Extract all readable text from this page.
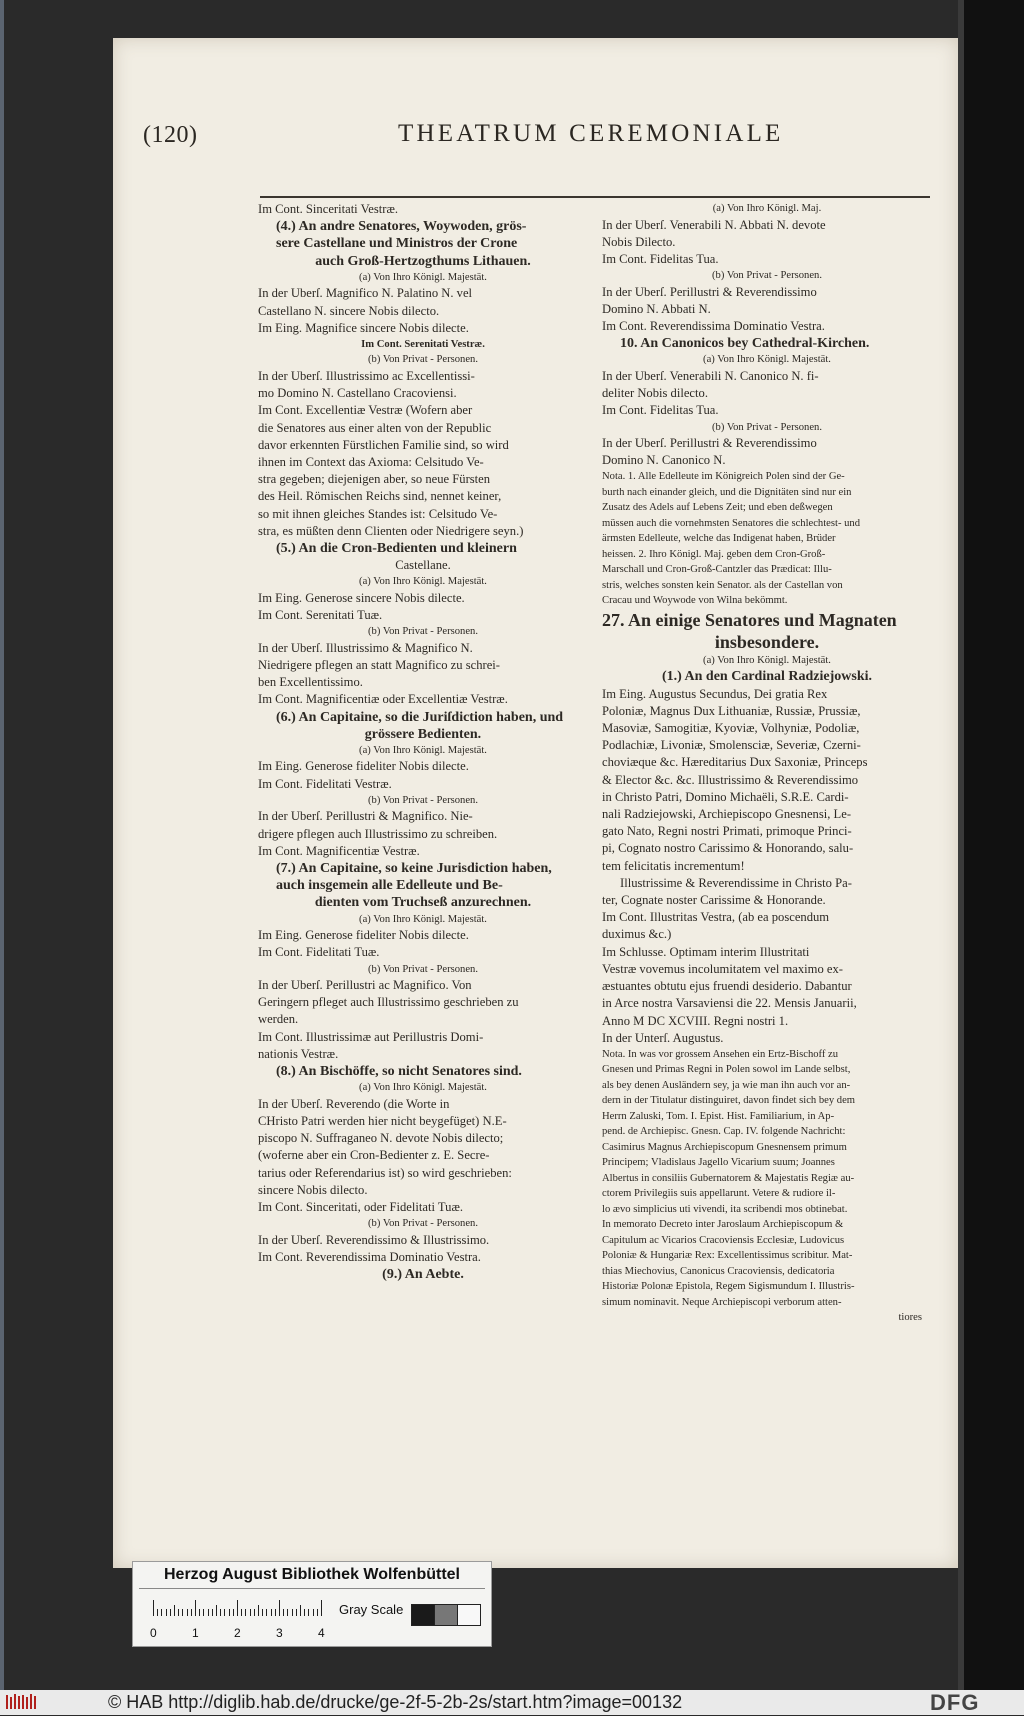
(120)	THEATRUM CEREMONIALE

Im Cont. Sinceritati Vestræ.

(4.) An andre Senatores, Woywoden, grös-

sere Castellane und Ministros der Crone

auch Groß-Hertzogthums Lithauen.

(a) Von Ihro Königl. Majestät.

In der Uberſ. Magnifico N. Palatino N. vel

Castellano N. sincere Nobis dilecto.

Im Eing. Magnifice sincere Nobis dilecte.

Im Cont. Serenitati Vestræ.

(b) Von Privat - Personen.

In der Uberſ. Illustrissimo ac Excellentissi-

mo Domino N. Castellano Cracoviensi.

Im Cont. Excellentiæ Vestræ (Wofern aber

die Senatores aus einer alten von der Republic

davor erkennten Fürstlichen Familie sind, so wird

ihnen im Context das Axioma: Celsitudo Ve-

stra gegeben; diejenigen aber, so neue Fürsten

des Heil. Römischen Reichs sind, nennet keiner,

so mit ihnen gleiches Standes ist: Celsitudo Ve-

stra, es müßten denn Clienten oder Niedrigere seyn.)

(5.) An die Cron-Bedienten und kleinern

Castellane.

(a) Von Ihro Königl. Majestät.

Im Eing. Generose sincere Nobis dilecte.

Im Cont. Serenitati Tuæ.

(b) Von Privat - Personen.

In der Uberſ. Illustrissimo & Magnifico N.

Niedrigere pflegen an statt Magnifico zu schrei-

ben Excellentissimo.

Im Cont. Magnificentiæ oder Excellentiæ Vestræ.

(6.) An Capitaine, so die Juriſdiction haben, und

grössere Bedienten.

(a) Von Ihro Königl. Majestät.

Im Eing. Generose fideliter Nobis dilecte.

Im Cont. Fidelitati Vestræ.

(b) Von Privat - Personen.

In der Uberſ. Perillustri & Magnifico. Nie-

drigere pflegen auch Illustrissimo zu schreiben.

Im Cont. Magnificentiæ Vestræ.

(7.) An Capitaine, so keine Jurisdiction haben,

auch insgemein alle Edelleute und Be-

dienten vom Truchseß anzurechnen.

(a) Von Ihro Königl. Majestät.

Im Eing. Generose fideliter Nobis dilecte.

Im Cont. Fidelitati Tuæ.

(b) Von Privat - Personen.

In der Uberſ. Perillustri ac Magnifico. Von

Geringern pfleget auch Illustrissimo geschrieben zu

werden.

Im Cont. Illustrissimæ aut Perillustris Domi-

nationis Vestræ.

(8.) An Bischöffe, so nicht Senatores sind.

(a) Von Ihro Königl. Majestät.

In der Uberſ. Reverendo (die Worte in

CHristo Patri werden hier nicht beygefüget) N.E-

piscopo N. Suffraganeo N. devote Nobis dilecto;

(woferne aber ein Cron-Bedienter z. E. Secre-

tarius oder Referendarius ist) so wird geschrieben:

sincere Nobis dilecto.

Im Cont. Sinceritati, oder Fidelitati Tuæ.

(b) Von Privat - Personen.

In der Uberſ. Reverendissimo & Illustrissimo.

Im Cont. Reverendissima Dominatio Vestra.

(9.) An Aebte.

(a) Von Ihro Königl. Maj.

In der Uberſ. Venerabili N. Abbati N. devote

Nobis Dilecto.

Im Cont. Fidelitas Tua.

(b) Von Privat - Personen.

In der Uberſ. Perillustri & Reverendissimo

Domino N. Abbati N.

Im Cont. Reverendissima Dominatio Vestra.

10. An Canonicos bey Cathedral-Kirchen.

(a) Von Ihro Königl. Majestät.

In der Uberſ. Venerabili N. Canonico N. fi-

deliter Nobis dilecto.

Im Cont. Fidelitas Tua.

(b) Von Privat - Personen.

In der Uberſ. Perillustri & Reverendissimo

Domino N. Canonico N.

Nota. 1. Alle Edelleute im Königreich Polen sind der Ge-

burth nach einander gleich, und die Dignitäten sind nur ein

Zusatz des Adels auf Lebens Zeit; und eben deßwegen

müssen auch die vornehmsten Senatores die schlechtest- und

ärmsten Edelleute, welche das Indigenat haben, Brüder

heissen. 2. Ihro Königl. Maj. geben dem Cron-Groß-

Marschall und Cron-Groß-Cantzler das Prædicat: Illu-

stris, welches sonsten kein Senator. als der Castellan von

Cracau und Woywode von Wilna bekömmt.

27. An einige Senatores und Magnaten

insbesondere.

(a) Von Ihro Königl. Majestät.

(1.) An den Cardinal Radziejowski.

Im Eing. Augustus Secundus, Dei gratia Rex

Poloniæ, Magnus Dux Lithuaniæ, Russiæ, Prussiæ,

Masoviæ, Samogitiæ, Kyoviæ, Volhyniæ, Podoliæ,

Podlachiæ, Livoniæ, Smolensciæ, Severiæ, Czerni-

choviæque &c. Hæreditarius Dux Saxoniæ, Princeps

& Elector &c. &c. Illustrissimo & Reverendissimo

in Christo Patri, Domino Michaëli, S.R.E. Cardi-

nali Radziejowski, Archiepiscopo Gnesnensi, Le-

gato Nato, Regni nostri Primati, primoque Princi-

pi, Cognato nostro Carissimo & Honorando, salu-

tem felicitatis incrementum!

Illustrissime & Reverendissime in Christo Pa-

ter, Cognate noster Carissime & Honorande.

Im Cont. Illustritas Vestra, (ab ea poscendum

duximus &c.)

Im Schlusse. Optimam interim Illustritati

Vestræ vovemus incolumitatem vel maximo ex-

æstuantes obtutu ejus fruendi desiderio. Dabantur

in Arce nostra Varsaviensi die 22. Mensis Januarii,

Anno M DC XCVIII. Regni nostri 1.

In der Unterſ. Augustus.

Nota. In was vor grossem Ansehen ein Ertz-Bischoff zu

Gnesen und Primas Regni in Polen sowol im Lande selbst,

als bey denen Ausländern sey, ja wie man ihn auch vor an-

dern in der Titulatur distinguiret, davon findet sich bey dem

Herrn Zaluski, Tom. I. Epist. Hist. Familiarium, in Ap-

pend. de Archiepisc. Gnesn. Cap. IV. folgende Nachricht:

Casimirus Magnus Archiepiscopum Gnesnensem primum

Principem; Vladislaus Jagello Vicarium suum; Joannes

Albertus in consiliis Gubernatorem & Majestatis Regiæ au-

ctorem Privilegiis suis appellarunt. Vetere & rudiore il-

lo ævo simplicius uti vivendi, ita scribendi mos obtinebat.

In memorato Decreto inter Jaroslaum Archiepiscopum &

Capitulum ac Vicarios Cracoviensis Ecclesiæ, Ludovicus

Poloniæ & Hungariæ Rex: Excellentissimus scribitur. Mat-

thias Miechovius, Canonicus Cracoviensis, dedicatoria

Historiæ Polonæ Epistola, Regem Sigismundum I. Illustris-

simum nominavit. Neque Archiepiscopi verborum atten-

tiores

Herzog August Bibliothek Wolfenbüttel
0	1	2	3	4
Gray Scale
© HAB http://diglib.hab.de/drucke/ge-2f-5-2b-2s/start.htm?image=00132	DFG
